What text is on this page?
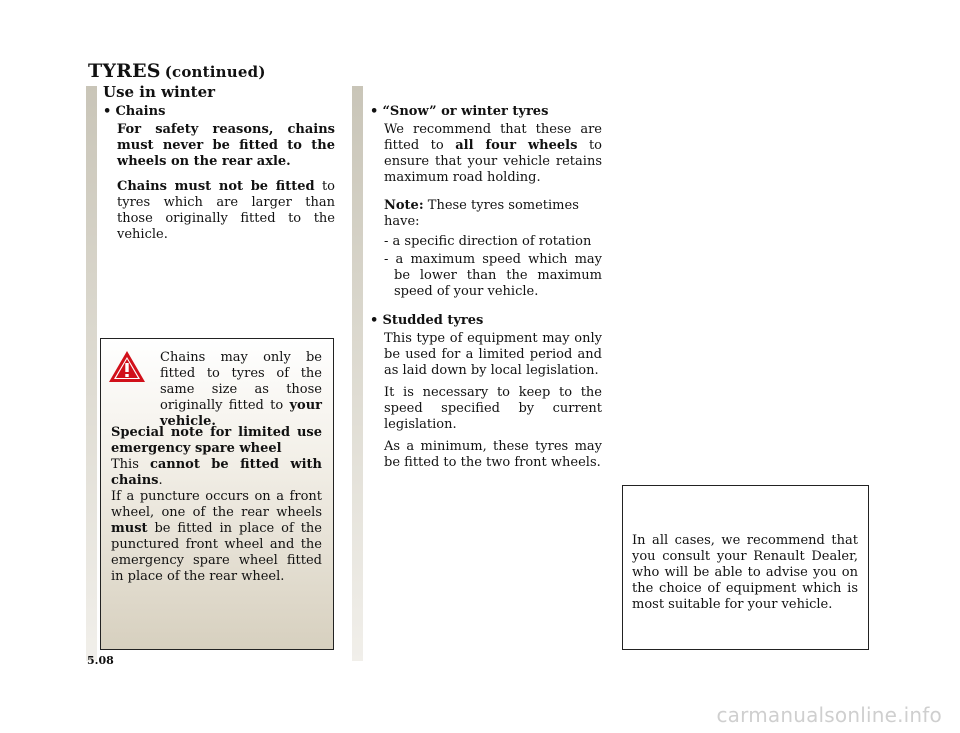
TYRES (continued)
Use in winter
• Chains
For safety reasons, chains must never be fitted to the wheels on the rear axle.
Chains must not be fitted to tyres which are larger than those originally fitted to the vehicle.
Chains may only be fitted to tyres of the same size as those originally fitted to your vehicle.
Special note for limited use emergency spare wheel
This cannot be fitted with chains.
If a puncture occurs on a front wheel, one of the rear wheels must be fitted in place of the punctured front wheel and the emergency spare wheel fitted in place of the rear wheel.
• “Snow” or winter tyres
We recommend that these are fitted to all four wheels to ensure that your vehicle retains maximum road holding.
Note: These tyres sometimes have:
- a specific direction of rotation
- a maximum speed which may be lower than the maximum speed of your vehicle.
• Studded tyres
This type of equipment may only be used for a limited period and as laid down by local legislation.
It is necessary to keep to the speed specified by current legislation.
As a minimum, these tyres may be fitted to the two front wheels.
In all cases, we recommend that you consult your Renault Dealer, who will be able to advise you on the choice of equipment which is most suitable for your vehicle.
5.08
carmanualsonline.info
